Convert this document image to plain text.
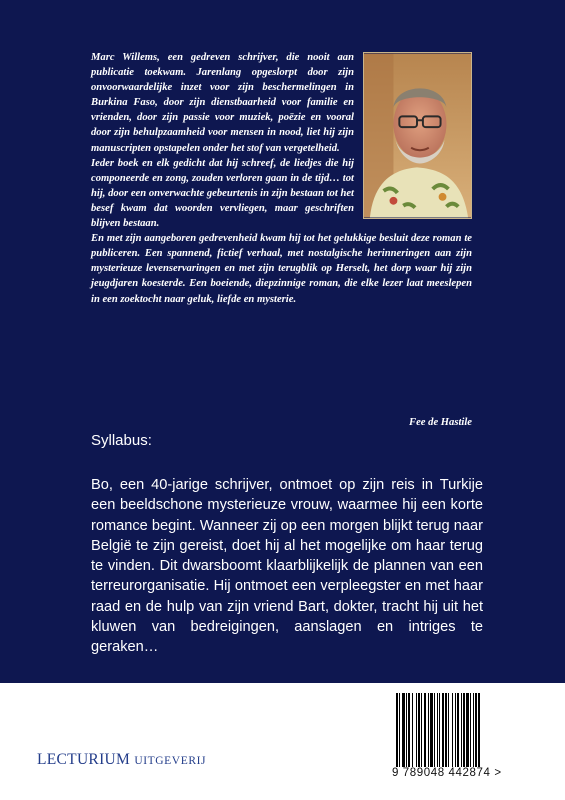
Marc Willems, een gedreven schrijver, die nooit aan publicatie toekwam. Jarenlang opgeslorpt door zijn onvoorwaardelijke inzet voor zijn beschermelingen in Burkina Faso, door zijn dienstbaarheid voor familie en vrienden, door zijn passie voor muziek, poëzie en vooral door zijn behulpzaamheid voor mensen in nood, liet hij zijn manuscripten opstapelen onder het stof van vergetelheid.

Ieder boek en elk gedicht dat hij schreef, de liedjes die hij componeerde en zong, zouden verloren gaan in de tijd… tot hij, door een onverwachte gebeurtenis in zijn bestaan tot het besef kwam dat woorden vervliegen, maar geschriften blijven bestaan.

En met zijn aangeboren gedrevenheid kwam hij tot het gelukkige besluit deze roman te publiceren. Een spannend, fictief verhaal, met nostalgische herinneringen aan zijn mysterieuze levenservaringen en met zijn terugblik op Herselt, het dorp waar hij zijn jeugdjaren koesterde. Een boeiende, diepzinnige roman, die elke lezer laat meeslepen in een zoektocht naar geluk, liefde en mysterie.

Fee de Hastile
Syllabus:
Bo, een 40-jarige schrijver, ontmoet op zijn reis in Turkije een beeldschone mysterieuze vrouw, waarmee hij een korte romance begint. Wanneer zij op een morgen blijkt terug naar België te zijn gereist, doet hij al het mogelijke om haar terug te vinden. Dit dwarsboomt klaarblijkelijk de plannen van een terreurorganisatie. Hij ontmoet een verpleegster en met haar raad en de hulp van zijn vriend Bart, dokter, tracht hij uit het kluwen van bedreigingen, aanslagen en intriges te geraken…
LECTURIUM UITGEVERIJ
9 789048 442874 >
